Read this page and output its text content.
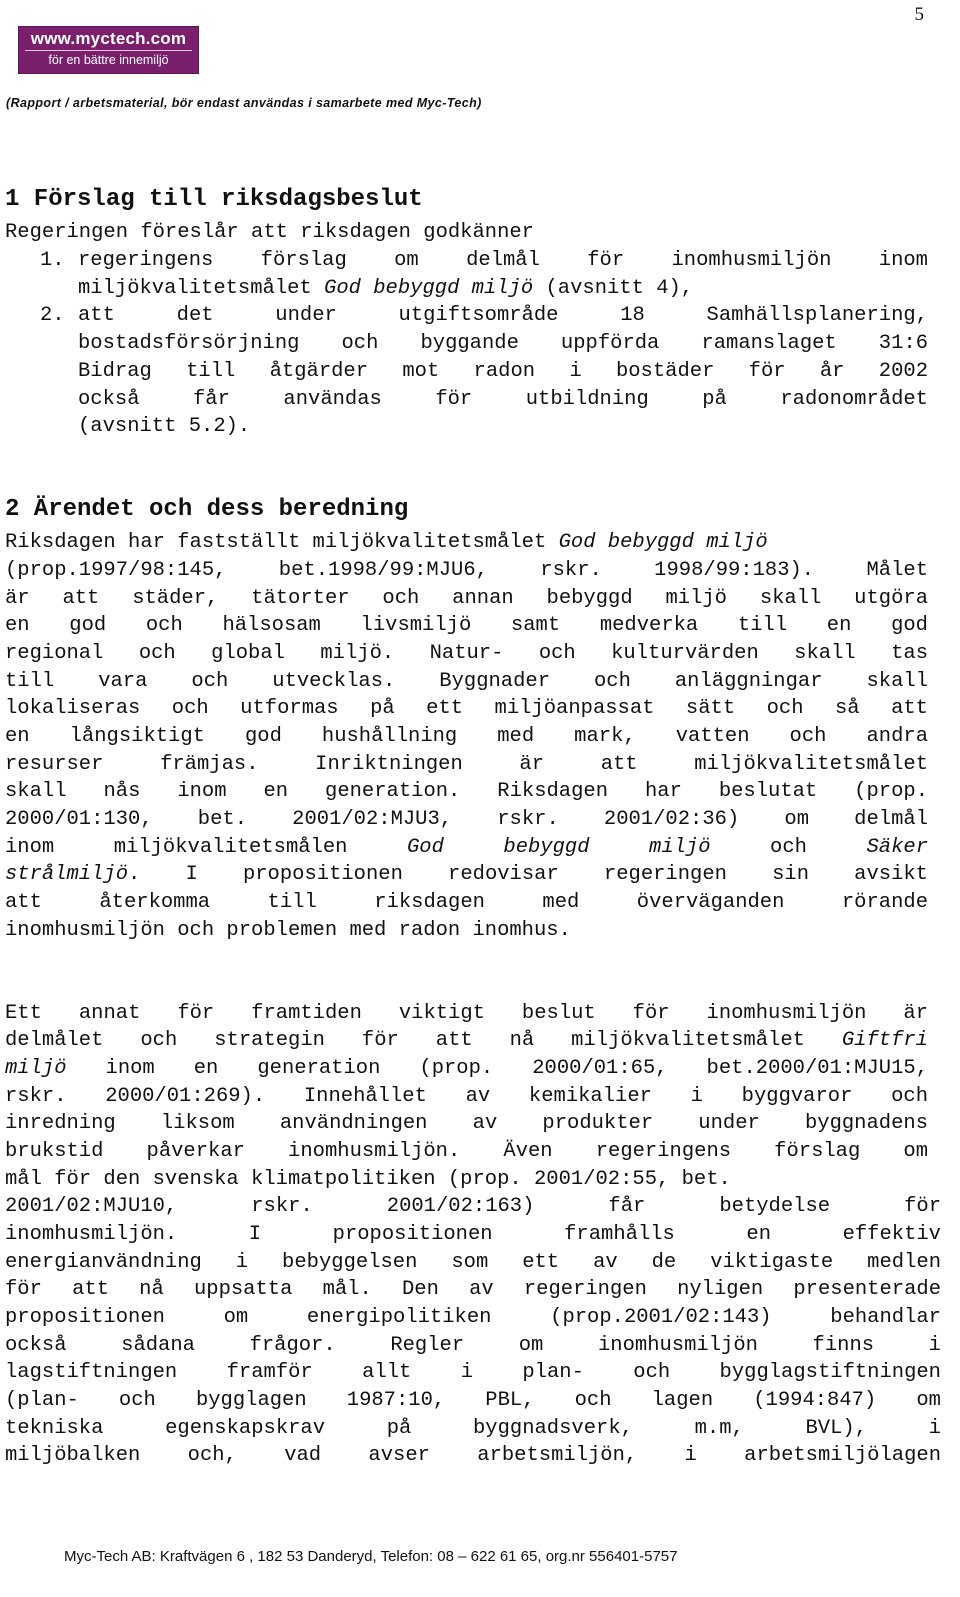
5
www.myctech.com
för en bättre innemiljö
(Rapport / arbetsmaterial, bör endast användas i samarbete med Myc-Tech)
1 Förslag till riksdagsbeslut
Regeringen föreslår att riksdagen godkänner
1. regeringens förslag om delmål för inomhusmiljön inom
miljökvalitetsmålet God bebyggd miljö (avsnitt 4),
2. att det under utgiftsområde 18 Samhällsplanering,
bostadsförsörjning och byggande uppförda ramanslaget 31:6
Bidrag till åtgärder mot radon i bostäder för år 2002
också får användas för utbildning på radonområdet
(avsnitt 5.2).
2 Ärendet och dess beredning
Riksdagen har fastställt miljökvalitetsmålet God bebyggd miljö
(prop.1997/98:145, bet.1998/99:MJU6, rskr. 1998/99:183). Målet
är att städer, tätorter och annan bebyggd miljö skall utgöra
en god och hälsosam livsmiljö samt medverka till en god
regional och global miljö. Natur- och kulturvärden skall tas
till vara och utvecklas. Byggnader och anläggningar skall
lokaliseras och utformas på ett miljöanpassat sätt och så att
en långsiktigt god hushållning med mark, vatten och andra
resurser främjas. Inriktningen är att miljökvalitetsmålet
skall nås inom en generation. Riksdagen har beslutat (prop.
2000/01:130, bet. 2001/02:MJU3, rskr. 2001/02:36) om delmål
inom miljökvalitetsmålen God bebyggd miljö och Säker
strålmiljö. I propositionen redovisar regeringen sin avsikt
att återkomma till riksdagen med överväganden rörande
inomhusmiljön och problemen med radon inomhus.
Ett annat för framtiden viktigt beslut för inomhusmiljön är
delmålet och strategin för att nå miljökvalitetsmålet Giftfri
miljö inom en generation (prop. 2000/01:65, bet.2000/01:MJU15,
rskr. 2000/01:269). Innehållet av kemikalier i byggvaror och
inredning liksom användningen av produkter under byggnadens
brukstid påverkar inomhusmiljön. Även regeringens förslag om
mål för den svenska klimatpolitiken (prop. 2001/02:55, bet.
2001/02:MJU10, rskr. 2001/02:163) får betydelse för
inomhusmiljön. I propositionen framhålls en effektiv
energianvändning i bebyggelsen som ett av de viktigaste medlen
för att nå uppsatta mål. Den av regeringen nyligen presenterade
propositionen om energipolitiken (prop.2001/02:143) behandlar
också sådana frågor. Regler om inomhusmiljön finns i
lagstiftningen framför allt i plan- och bygglagstiftningen
(plan- och bygglagen 1987:10, PBL, och lagen (1994:847) om
tekniska egenskapskrav på byggnadsverk, m.m, BVL), i
miljöbalken och, vad avser arbetsmiljön, i arbetsmiljölagen
Myc-Tech AB: Kraftvägen 6 , 182 53 Danderyd, Telefon: 08 – 622 61 65, org.nr 556401-5757
